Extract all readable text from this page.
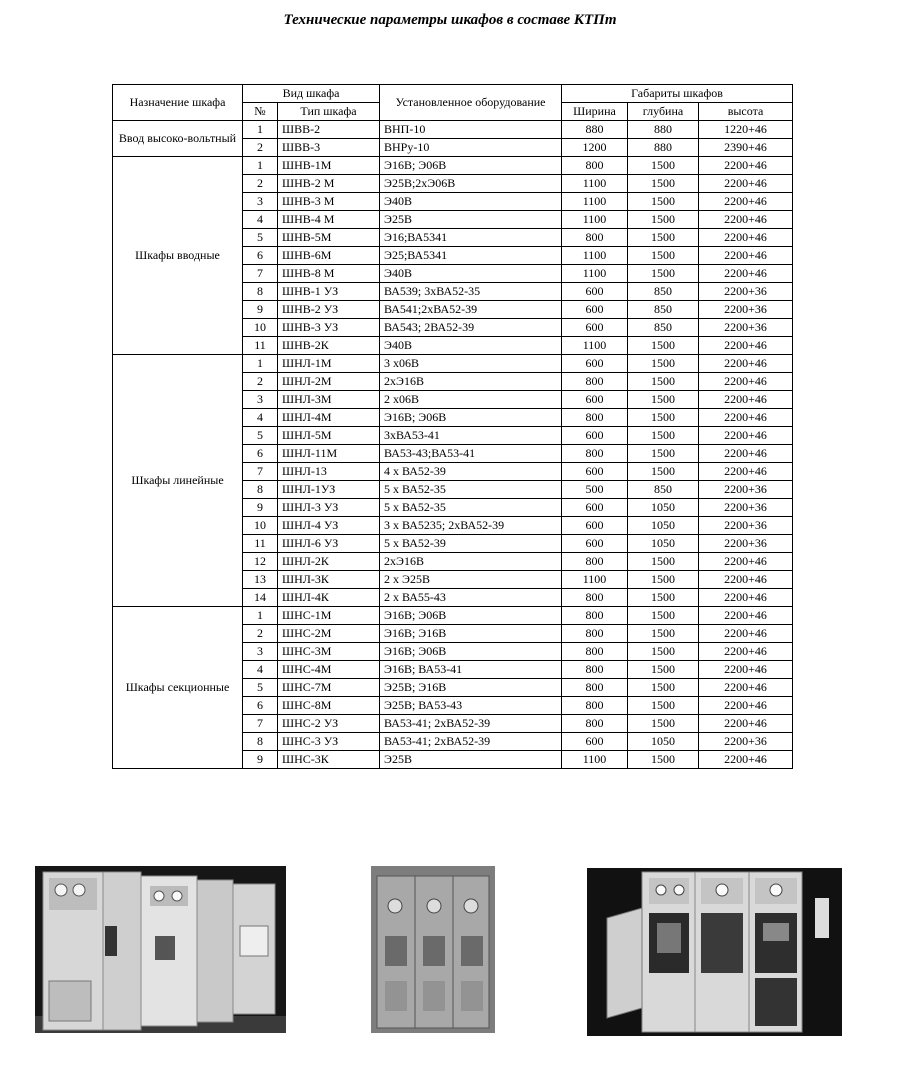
Технические параметры шкафов в составе КТПт
Назначение шкафа	Вид шкафа		Установленное оборудование	Габариты шкафов		
	№	Тип шкафа		Ширина	глубина	высота
Ввод высоко-вольтный	1	ШВВ-2	ВНП-10	880	880	1220+46
	2	ШВВ-3	ВНРу-10	1200	880	2390+46
Шкафы вводные	1	ШНВ-1М	Э16В; Э06В	800	1500	2200+46
	2	ШНВ-2 М	Э25В;2хЭ06В	1100	1500	2200+46
	3	ШНВ-3 М	Э40В	1100	1500	2200+46
	4	ШНВ-4 М	Э25В	1100	1500	2200+46
	5	ШНВ-5М	Э16;ВА5341	800	1500	2200+46
	6	ШНВ-6М	Э25;ВА5341	1100	1500	2200+46
	7	ШНВ-8 М	Э40В	1100	1500	2200+46
	8	ШНВ-1 УЗ	ВА539; 3хВА52-35	600	850	2200+36
	9	ШНВ-2 УЗ	ВА541;2хВА52-39	600	850	2200+36
	10	ШНВ-3 УЗ	ВА543; 2ВА52-39	600	850	2200+36
	11	ШНВ-2К	Э40В	1100	1500	2200+46
Шкафы линейные	1	ШНЛ-1М	3 х06В	600	1500	2200+46
	2	ШНЛ-2М	2хЭ16В	800	1500	2200+46
	3	ШНЛ-3М	2 х06В	600	1500	2200+46
	4	ШНЛ-4М	Э16В; Э06В	800	1500	2200+46
	5	ШНЛ-5М	3хВА53-41	600	1500	2200+46
	6	ШНЛ-11М	ВА53-43;ВА53-41	800	1500	2200+46
	7	ШНЛ-13	4 х ВА52-39	600	1500	2200+46
	8	ШНЛ-1УЗ	5 х ВА52-35	500	850	2200+36
	9	ШНЛ-3 УЗ	5 х ВА52-35	600	1050	2200+36
	10	ШНЛ-4 УЗ	3 х ВА5235; 2хВА52-39	600	1050	2200+36
	11	ШНЛ-6 УЗ	5 х ВА52-39	600	1050	2200+36
	12	ШНЛ-2К	2хЭ16В	800	1500	2200+46
	13	ШНЛ-3К	2 х Э25В	1100	1500	2200+46
	14	ШНЛ-4К	2 х ВА55-43	800	1500	2200+46
Шкафы секционные	1	ШНС-1М	Э16В; Э06В	800	1500	2200+46
	2	ШНС-2М	Э16В; Э16В	800	1500	2200+46
	3	ШНС-3М	Э16В; Э06В	800	1500	2200+46
	4	ШНС-4М	Э16В; ВА53-41	800	1500	2200+46
	5	ШНС-7М	Э25В; Э16В	800	1500	2200+46
	6	ШНС-8М	Э25В; ВА53-43	800	1500	2200+46
	7	ШНС-2 УЗ	ВА53-41; 2хВА52-39	800	1500	2200+46
	8	ШНС-3 УЗ	ВА53-41; 2хВА52-39	600	1050	2200+36
	9	ШНС-3К	Э25В	1100	1500	2200+46
